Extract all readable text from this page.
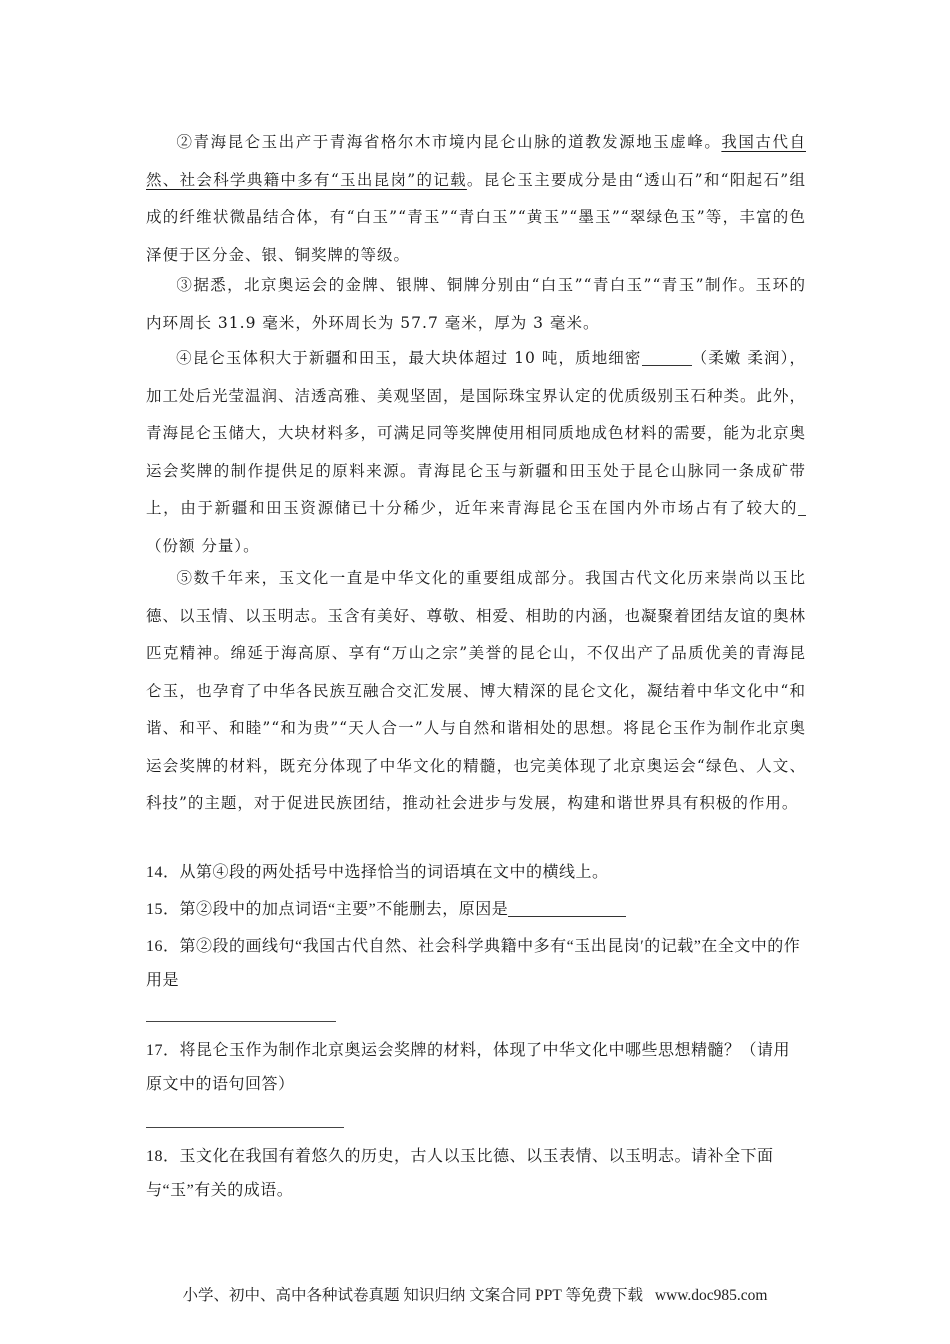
②青海昆仑玉出产于青海省格尔木市境内昆仑山脉的道教发源地玉虚峰。我国古代自然、社会科学典籍中多有“玉出昆岗”的记载。昆仑玉主要成分是由“透山石”和“阳起石”组成的纤维状微晶结合体，有“白玉”“青玉”“青白玉”“黄玉”“墨玉”“翠绿色玉”等，丰富的色泽便于区分金、银、铜奖牌的等级。

③据悉，北京奥运会的金牌、银牌、铜牌分别由“白玉”“青白玉”“青玉”制作。玉环的内环周长 31.9 毫米，外环周长为 57.7 毫米，厚为 3 毫米。

④昆仑玉体积大于新疆和田玉，最大块体超过 10 吨，质地细密	（柔嫩 柔润），加工处后光莹温润、洁透高雅、美观坚固，是国际珠宝界认定的优质级别玉石种类。此外，青海昆仑玉储大，大块材料多，可满足同等奖牌使用相同质地成色材料的需要，能为北京奥运会奖牌的制作提供足的原料来源。青海昆仑玉与新疆和田玉处于昆仑山脉同一条成矿带上，由于新疆和田玉资源储已十分稀少，近年来青海昆仑玉在国内外市场占有了较大的（份额 分量）。

⑤数千年来，玉文化一直是中华文化的重要组成部分。我国古代文化历来崇尚以玉比德、以玉情、以玉明志。玉含有美好、尊敬、相爱、相助的内涵，也凝聚着团结友谊的奥林匹克精神。绵延于海高原、享有“万山之宗”美誉的昆仑山，不仅出产了品质优美的青海昆仑玉，也孕育了中华各民族互融合交汇发展、博大精深的昆仑文化，凝结着中华文化中“和谐、和平、和睦”“和为贵”“天人合一”人与自然和谐相处的思想。将昆仑玉作为制作北京奥运会奖牌的材料，既充分体现了中华文化的精髓，也完美体现了北京奥运会“绿色、人文、科技”的主题，对于促进民族团结，推动社会进步与发展，构建和谐世界具有积极的作用。

14．从第④段的两处括号中选择恰当的词语填在文中的横线上。

15．第②段中的加点词语“主要”不能删去，原因是

16．第②段的画线句“我国古代自然、社会科学典籍中多有“玉出昆岗′的记载”在全文中的作用是

17．将昆仑玉作为制作北京奥运会奖牌的材料，体现了中华文化中哪些思想精髓？（请用原文中的语句回答）

18．玉文化在我国有着悠久的历史，古人以玉比德、以玉表情、以玉明志。请补全下面与“玉”有关的成语。

小学、初中、高中各种试卷真题 知识归纳 文案合同 PPT 等免费下载 www.doc985.com
